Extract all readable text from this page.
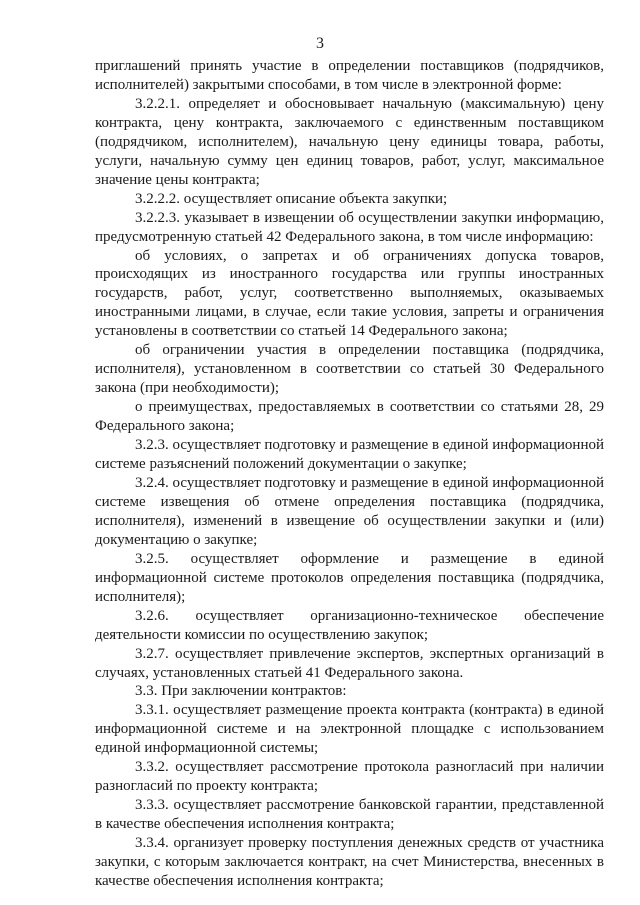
3

приглашений принять участие в определении поставщиков (подрядчиков, исполнителей) закрытыми способами, в том числе в электронной форме:

3.2.2.1. определяет и обосновывает начальную (максимальную) цену контракта, цену контракта, заключаемого с единственным поставщиком (подрядчиком, исполнителем), начальную цену единицы товара, работы, услуги, начальную сумму цен единиц товаров, работ, услуг, максимальное значение цены контракта;

3.2.2.2. осуществляет описание объекта закупки;

3.2.2.3. указывает в извещении об осуществлении закупки информацию, предусмотренную статьей 42 Федерального закона, в том числе информацию:

об условиях, о запретах и об ограничениях допуска товаров, происходящих из иностранного государства или группы иностранных государств, работ, услуг, соответственно выполняемых, оказываемых иностранными лицами, в случае, если такие условия, запреты и ограничения установлены в соответствии со статьей 14 Федерального закона;

об ограничении участия в определении поставщика (подрядчика, исполнителя), установленном в соответствии со статьей 30 Федерального закона (при необходимости);

о преимуществах, предоставляемых в соответствии со статьями 28, 29 Федерального закона;

3.2.3. осуществляет подготовку и размещение в единой информационной системе разъяснений положений документации о закупке;

3.2.4. осуществляет подготовку и размещение в единой информационной системе извещения об отмене определения поставщика (подрядчика, исполнителя), изменений в извещение об осуществлении закупки и (или) документацию о закупке;

3.2.5. осуществляет оформление и размещение в единой информационной системе протоколов определения поставщика (подрядчика, исполнителя);

3.2.6. осуществляет организационно-техническое обеспечение деятельности комиссии по осуществлению закупок;

3.2.7. осуществляет привлечение экспертов, экспертных организаций в случаях, установленных статьей 41 Федерального закона.

3.3. При заключении контрактов:

3.3.1. осуществляет размещение проекта контракта (контракта) в единой информационной системе и на электронной площадке с использованием единой информационной системы;

3.3.2. осуществляет рассмотрение протокола разногласий при наличии разногласий по проекту контракта;

3.3.3. осуществляет рассмотрение банковской гарантии, представленной в качестве обеспечения исполнения контракта;

3.3.4. организует проверку поступления денежных средств от участника закупки, с которым заключается контракт, на счет Министерства, внесенных в качестве обеспечения исполнения контракта;
